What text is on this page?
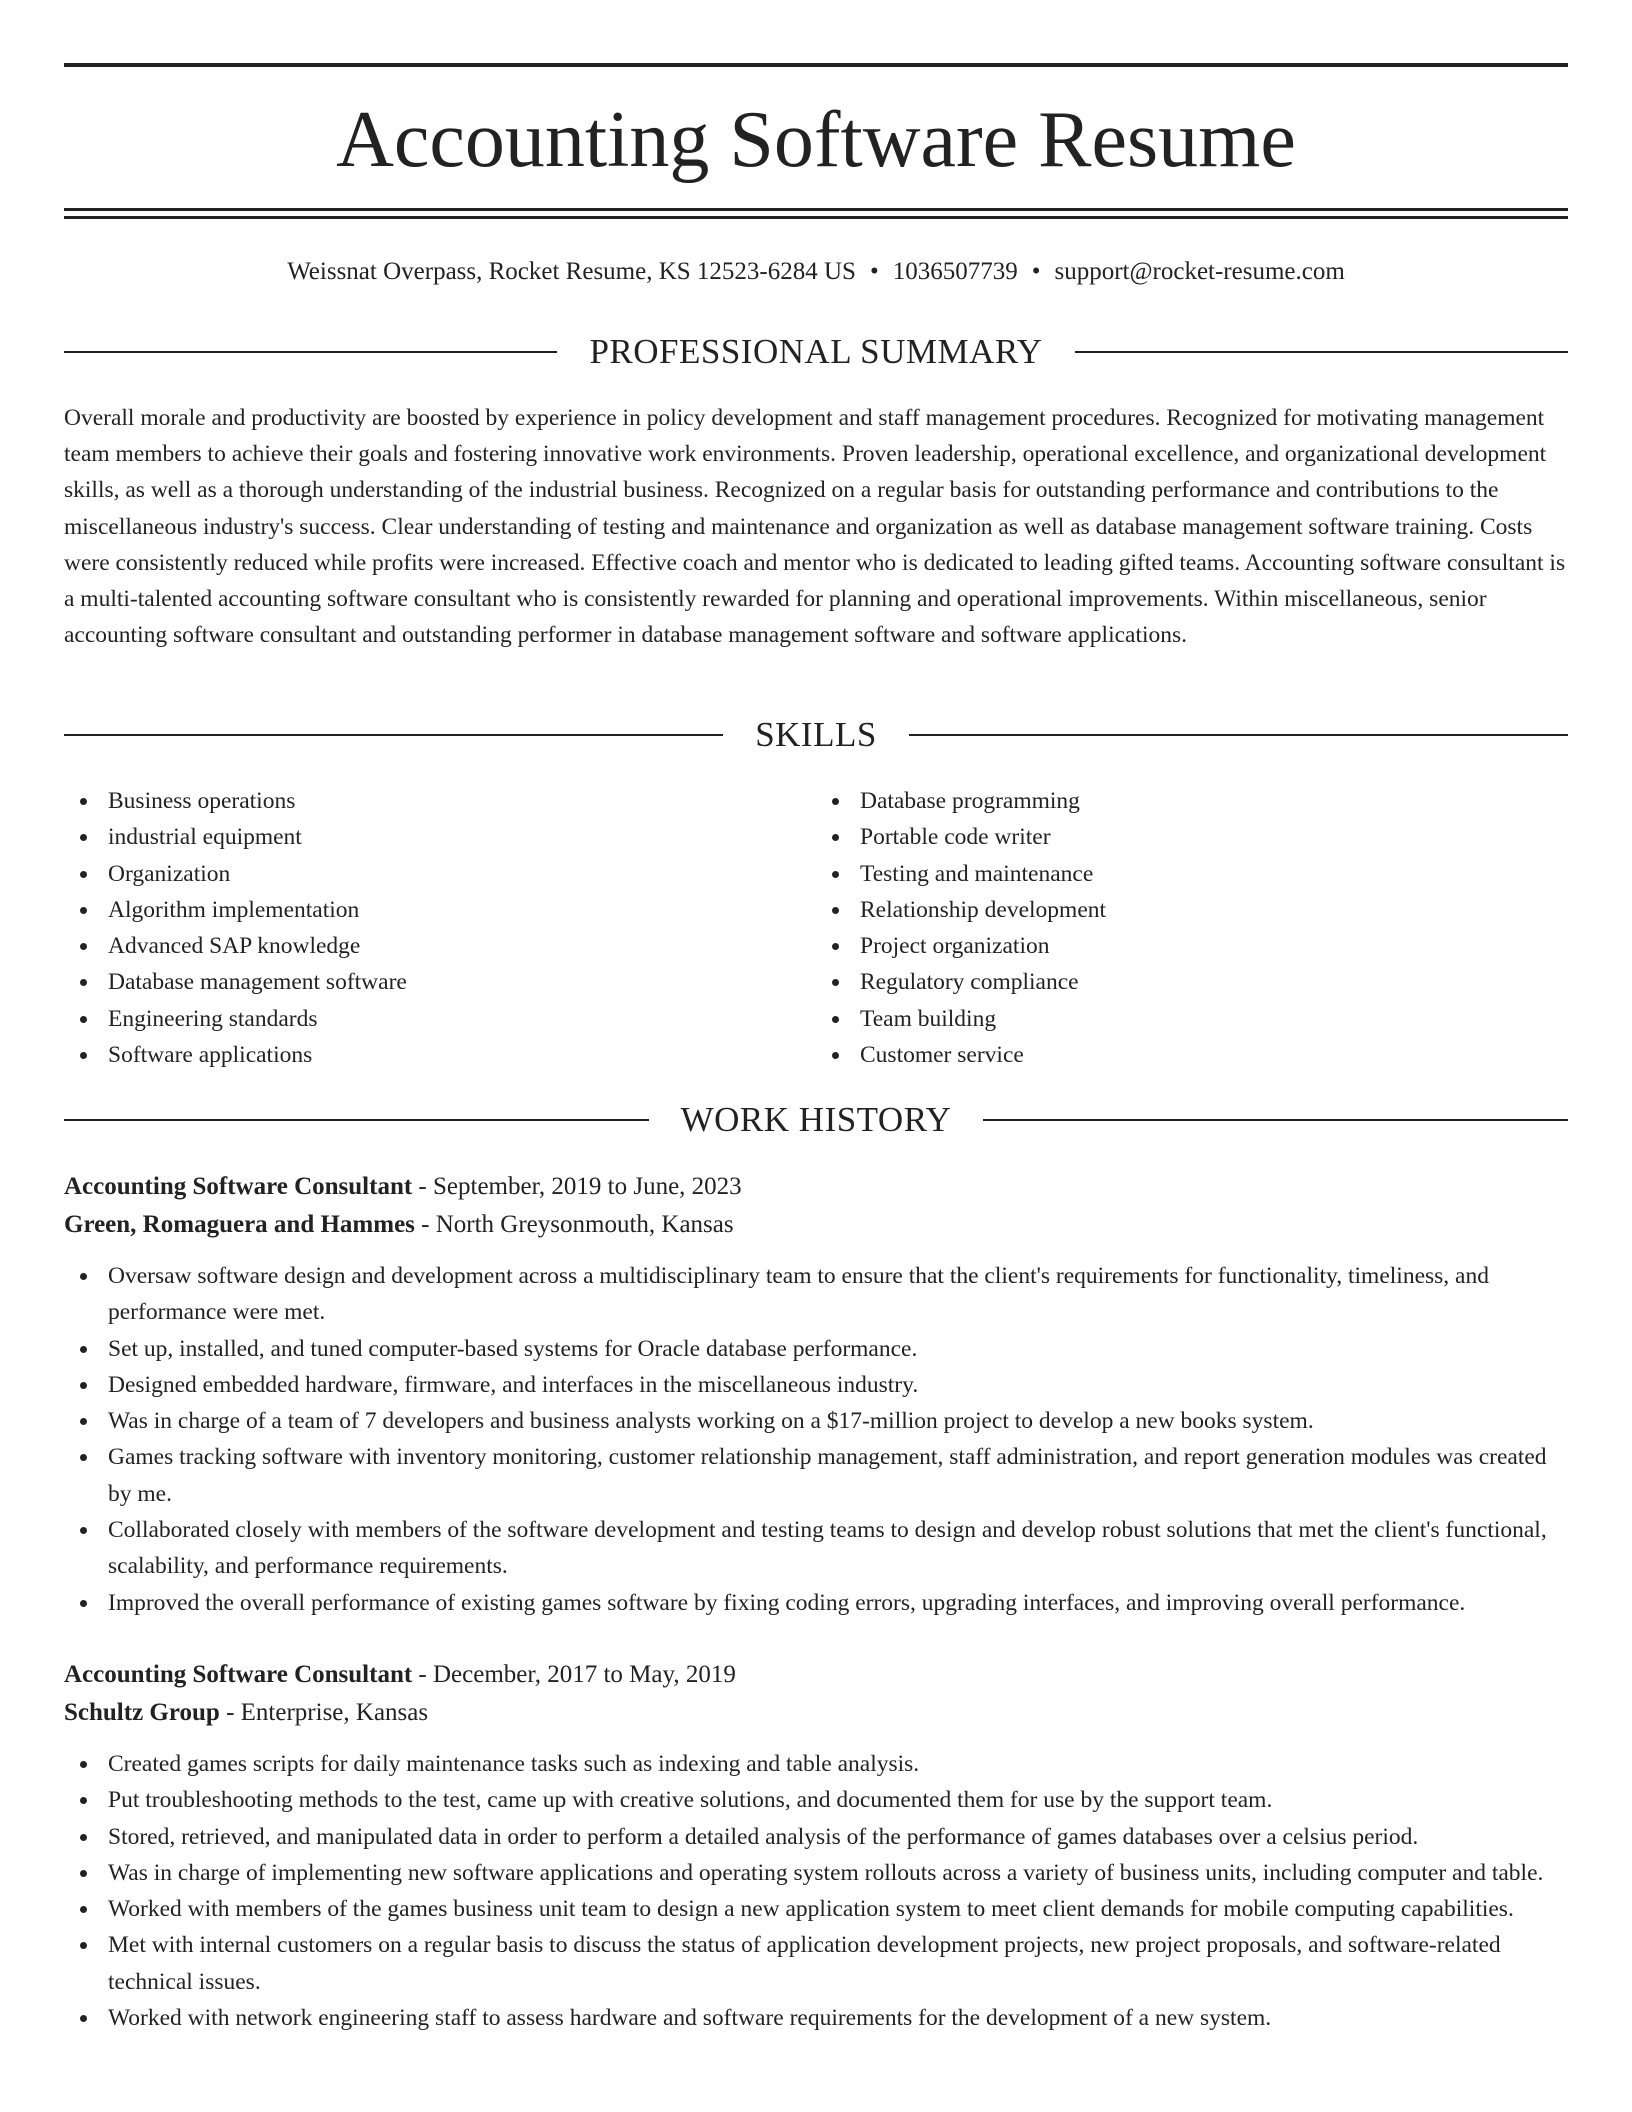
Accounting Software Resume
Weissnat Overpass, Rocket Resume, KS 12523-6284 US • 1036507739 • support@rocket-resume.com
PROFESSIONAL SUMMARY

Overall morale and productivity are boosted by experience in policy development and staff management procedures. Recognized for motivating management team members to achieve their goals and fostering innovative work environments. Proven leadership, operational excellence, and organizational development skills, as well as a thorough understanding of the industrial business. Recognized on a regular basis for outstanding performance and contributions to the miscellaneous industry's success. Clear understanding of testing and maintenance and organization as well as database management software training. Costs were consistently reduced while profits were increased. Effective coach and mentor who is dedicated to leading gifted teams. Accounting software consultant is a multi-talented accounting software consultant who is consistently rewarded for planning and operational improvements. Within miscellaneous, senior accounting software consultant and outstanding performer in database management software and software applications.

SKILLS
Business operations
industrial equipment
Organization
Algorithm implementation
Advanced SAP knowledge
Database management software
Engineering standards
Software applications
Database programming
Portable code writer
Testing and maintenance
Relationship development
Project organization
Regulatory compliance
Team building
Customer service
WORK HISTORY
Accounting Software Consultant - September, 2019 to June, 2023
Green, Romaguera and Hammes - North Greysonmouth, Kansas
Oversaw software design and development across a multidisciplinary team to ensure that the client's requirements for functionality, timeliness, and performance were met.
Set up, installed, and tuned computer-based systems for Oracle database performance.
Designed embedded hardware, firmware, and interfaces in the miscellaneous industry.
Was in charge of a team of 7 developers and business analysts working on a $17-million project to develop a new books system.
Games tracking software with inventory monitoring, customer relationship management, staff administration, and report generation modules was created by me.
Collaborated closely with members of the software development and testing teams to design and develop robust solutions that met the client's functional, scalability, and performance requirements.
Improved the overall performance of existing games software by fixing coding errors, upgrading interfaces, and improving overall performance.
Accounting Software Consultant - December, 2017 to May, 2019
Schultz Group - Enterprise, Kansas
Created games scripts for daily maintenance tasks such as indexing and table analysis.
Put troubleshooting methods to the test, came up with creative solutions, and documented them for use by the support team.
Stored, retrieved, and manipulated data in order to perform a detailed analysis of the performance of games databases over a celsius period.
Was in charge of implementing new software applications and operating system rollouts across a variety of business units, including computer and table.
Worked with members of the games business unit team to design a new application system to meet client demands for mobile computing capabilities.
Met with internal customers on a regular basis to discuss the status of application development projects, new project proposals, and software-related technical issues.
Worked with network engineering staff to assess hardware and software requirements for the development of a new system.
